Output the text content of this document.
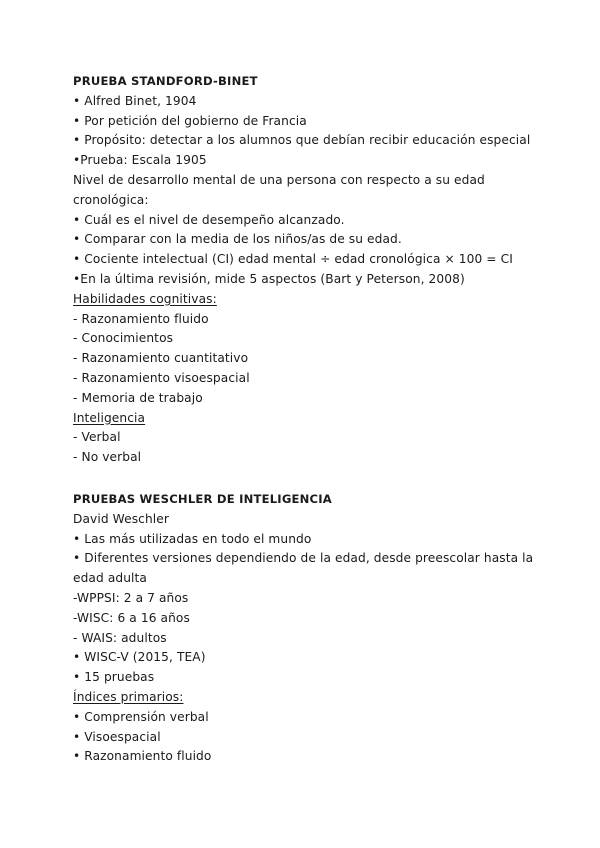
PRUEBA STANDFORD-BINET
• Alfred Binet, 1904
• Por petición del gobierno de Francia
• Propósito: detectar a los alumnos que debían recibir educación especial
•Prueba: Escala 1905
Nivel de desarrollo mental de una persona con respecto a su edad
cronológica:
• Cuál es el nivel de desempeño alcanzado.
• Comparar con la media de los niños/as de su edad.
• Cociente intelectual (CI) edad mental ÷ edad cronológica × 100 = CI
•En la última revisión, mide 5 aspectos (Bart y Peterson, 2008)
Habilidades cognitivas:
- Razonamiento fluido
- Conocimientos
- Razonamiento cuantitativo
- Razonamiento visoespacial
- Memoria de trabajo
Inteligencia
- Verbal
- No verbal
PRUEBAS WESCHLER DE INTELIGENCIA
David Weschler
• Las más utilizadas en todo el mundo
• Diferentes versiones dependiendo de la edad, desde preescolar hasta la
edad adulta
-WPPSI: 2 a 7 años
-WISC: 6 a 16 años
- WAIS: adultos
• WISC-V (2015, TEA)
• 15 pruebas
Índices primarios:
• Comprensión verbal
• Visoespacial
• Razonamiento fluido
